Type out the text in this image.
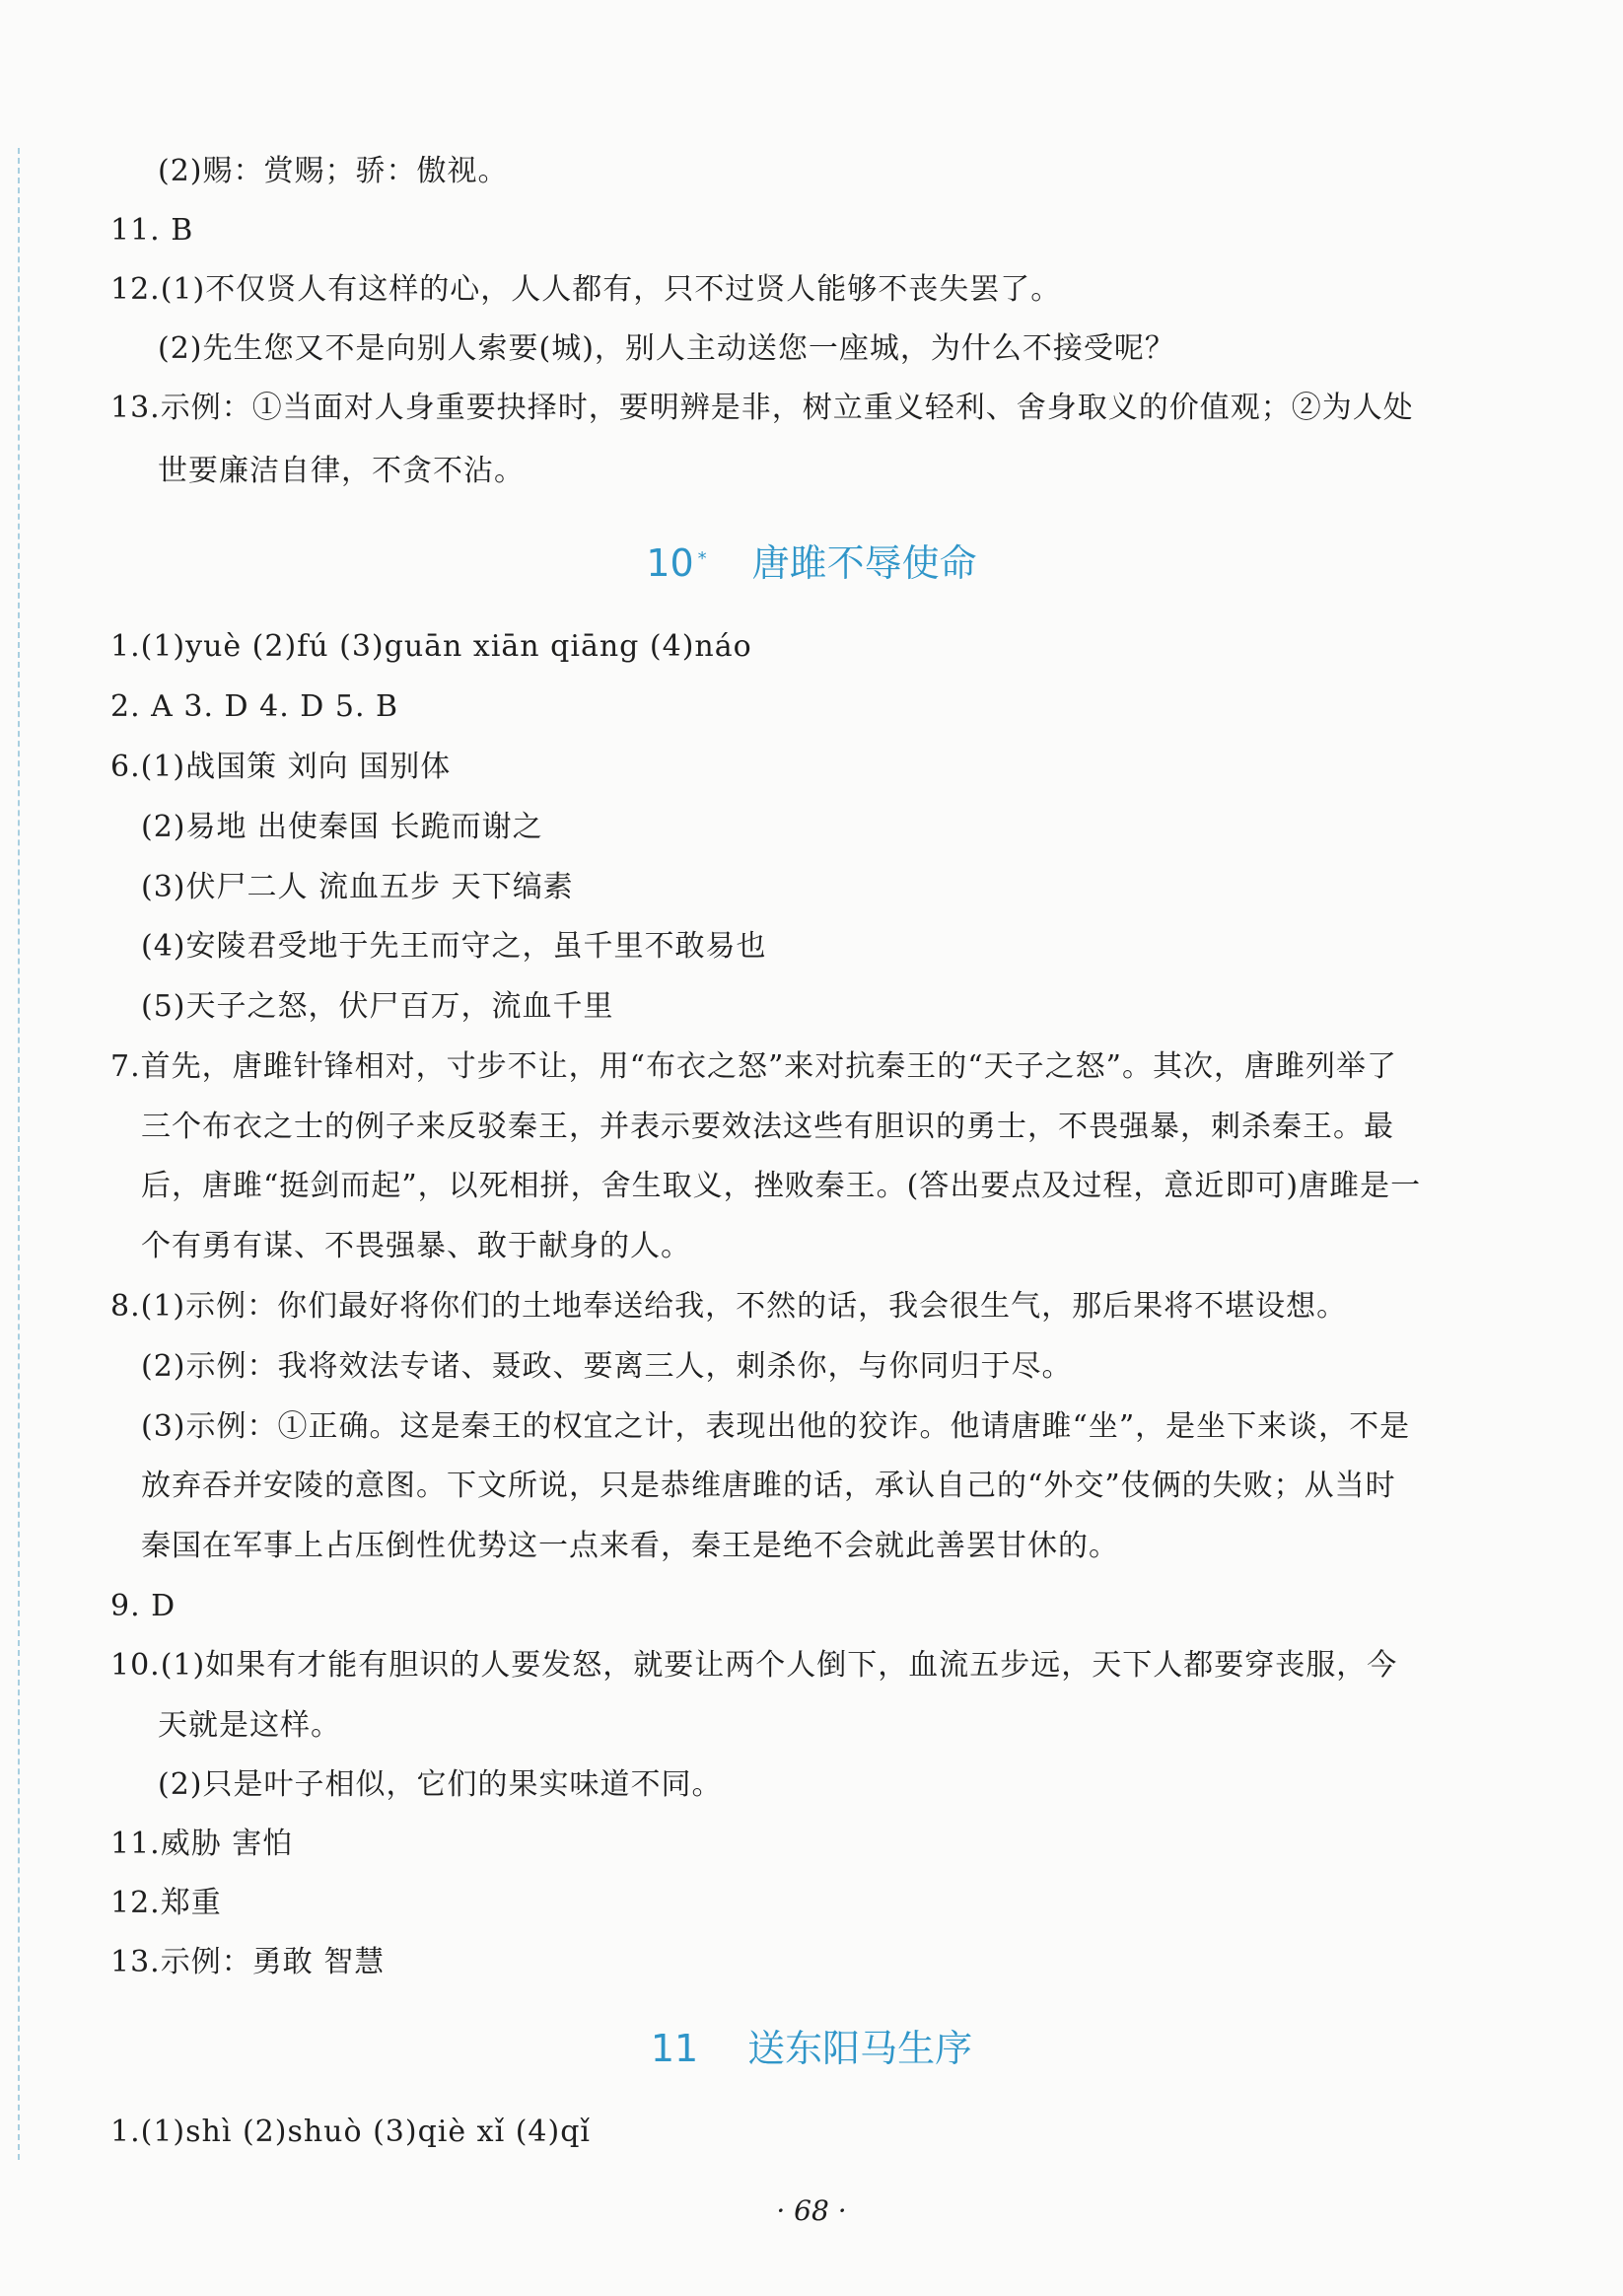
(2)赐：赏赐；骄：傲视。
11. B
12.(1)不仅贤人有这样的心，人人都有，只不过贤人能够不丧失罢了。
(2)先生您又不是向别人索要(城)，别人主动送您一座城，为什么不接受呢？
13.示例：①当面对人身重要抉择时，要明辨是非，树立重义轻利、舍身取义的价值观；②为人处
世要廉洁自律，不贪不沾。
10 * 唐雎不辱使命
1.(1)yuè (2)fú (3)guān xiān qiāng (4)náo
2. A 3. D 4. D 5. B
6.(1)战国策 刘向 国别体
(2)易地 出使秦国 长跪而谢之
(3)伏尸二人 流血五步 天下缟素
(4)安陵君受地于先王而守之，虽千里不敢易也
(5)天子之怒，伏尸百万，流血千里
7.首先，唐雎针锋相对，寸步不让，用“布衣之怒”来对抗秦王的“天子之怒”。其次，唐雎列举了
三个布衣之士的例子来反驳秦王，并表示要效法这些有胆识的勇士，不畏强暴，刺杀秦王。最
后，唐雎“挺剑而起”，以死相拼，舍生取义，挫败秦王。(答出要点及过程，意近即可)唐雎是一
个有勇有谋、不畏强暴、敢于献身的人。
8.(1)示例：你们最好将你们的土地奉送给我，不然的话，我会很生气，那后果将不堪设想。
(2)示例：我将效法专诸、聂政、要离三人，刺杀你，与你同归于尽。
(3)示例：①正确。这是秦王的权宜之计，表现出他的狡诈。他请唐雎“坐”，是坐下来谈，不是
放弃吞并安陵的意图。下文所说，只是恭维唐雎的话，承认自己的“外交”伎俩的失败；从当时
秦国在军事上占压倒性优势这一点来看，秦王是绝不会就此善罢甘休的。
9. D
10.(1)如果有才能有胆识的人要发怒，就要让两个人倒下，血流五步远，天下人都要穿丧服，今
天就是这样。
(2)只是叶子相似，它们的果实味道不同。
11.威胁 害怕
12.郑重
13.示例：勇敢 智慧
11 送东阳马生序
1.(1)shì (2)shuò (3)qiè xǐ (4)qǐ
· 68 ·
